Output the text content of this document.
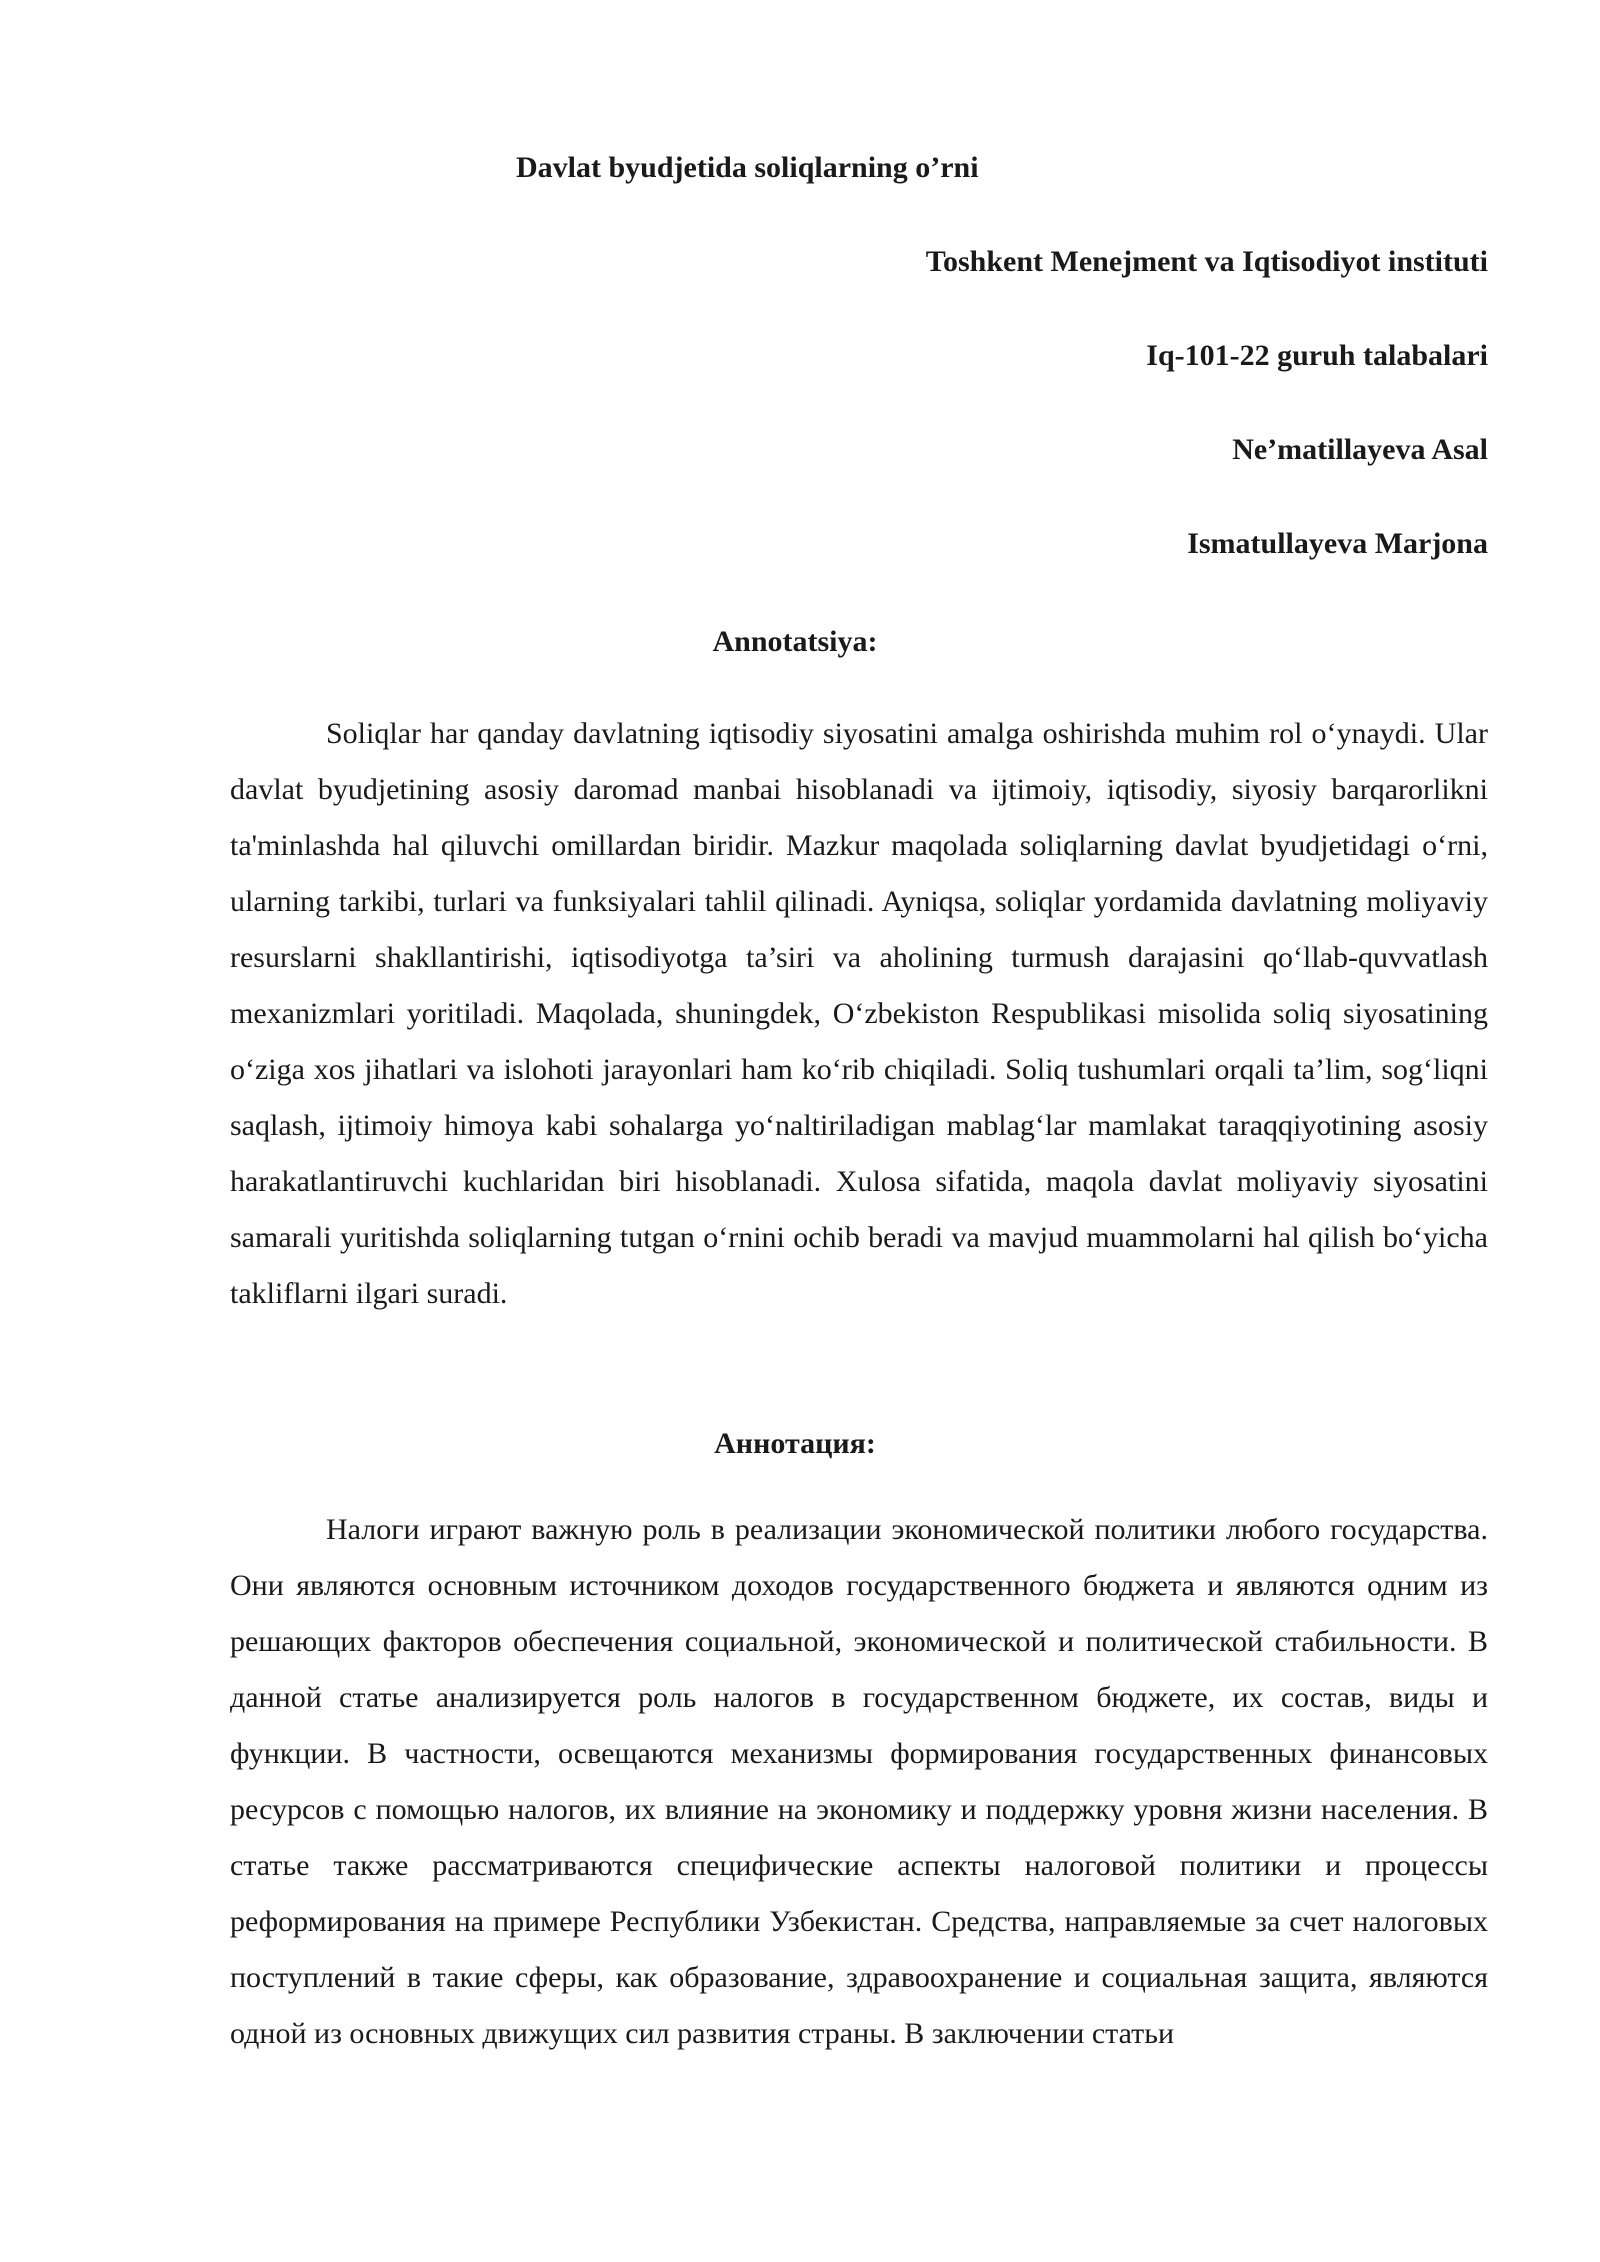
Davlat byudjetida soliqlarning o’rni
Toshkent Menejment va Iqtisodiyot instituti
Iq-101-22 guruh talabalari
Ne’matillayeva Asal
Ismatullayeva Marjona
Annotatsiya:

Soliqlar har qanday davlatning iqtisodiy siyosatini amalga oshirishda muhim rol o‘ynaydi. Ular davlat byudjetining asosiy daromad manbai hisoblanadi va ijtimoiy, iqtisodiy, siyosiy barqarorlikni ta'minlashda hal qiluvchi omillardan biridir. Mazkur maqolada soliqlarning davlat byudjetidagi o‘rni, ularning tarkibi, turlari va funksiyalari tahlil qilinadi. Ayniqsa, soliqlar yordamida davlatning moliyaviy resurslarni shakllantirishi, iqtisodiyotga ta’siri va aholining turmush darajasini qo‘llab-quvvatlash mexanizmlari yoritiladi. Maqolada, shuningdek, O‘zbekiston Respublikasi misolida soliq siyosatining o‘ziga xos jihatlari va islohoti jarayonlari ham ko‘rib chiqiladi. Soliq tushumlari orqali ta’lim, sog‘liqni saqlash, ijtimoiy himoya kabi sohalarga yo‘naltiriladigan mablag‘lar mamlakat taraqqiyotining asosiy harakatlantiruvchi kuchlaridan biri hisoblanadi. Xulosa sifatida, maqola davlat moliyaviy siyosatini samarali yuritishda soliqlarning tutgan o‘rnini ochib beradi va mavjud muammolarni hal qilish bo‘yicha takliflarni ilgari suradi.

Аннотация:

Налоги играют важную роль в реализации экономической политики любого государства. Они являются основным источником доходов государственного бюджета и являются одним из решающих факторов обеспечения социальной, экономической и политической стабильности. В данной статье анализируется роль налогов в государственном бюджете, их состав, виды и функции. В частности, освещаются механизмы формирования государственных финансовых ресурсов с помощью налогов, их влияние на экономику и поддержку уровня жизни населения. В статье также рассматриваются специфические аспекты налоговой политики и процессы реформирования на примере Республики Узбекистан. Средства, направляемые за счет налоговых поступлений в такие сферы, как образование, здравоохранение и социальная защита, являются одной из основных движущих сил развития страны. В заключении статьи
